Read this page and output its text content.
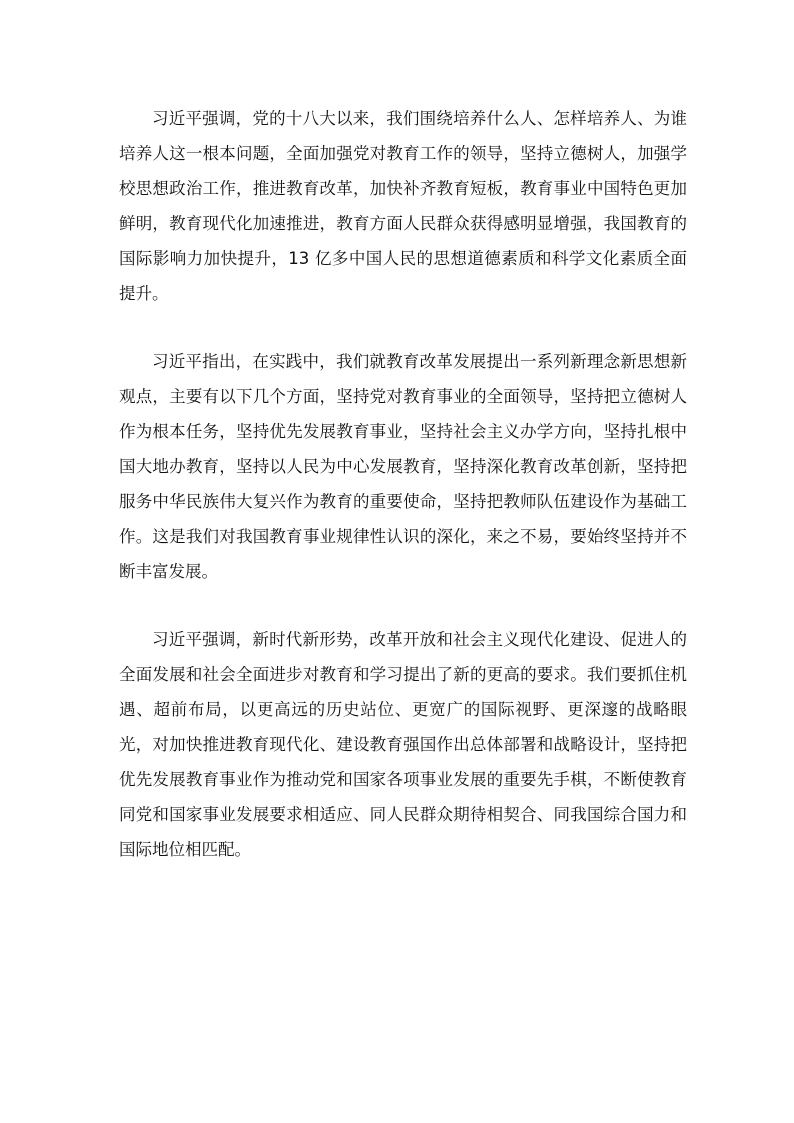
习近平强调，党的十八大以来，我们围绕培养什么人、怎样培养人、为谁培养人这一根本问题，全面加强党对教育工作的领导，坚持立德树人，加强学校思想政治工作，推进教育改革，加快补齐教育短板，教育事业中国特色更加鲜明，教育现代化加速推进，教育方面人民群众获得感明显增强，我国教育的国际影响力加快提升，13 亿多中国人民的思想道德素质和科学文化素质全面提升。

习近平指出，在实践中，我们就教育改革发展提出一系列新理念新思想新观点，主要有以下几个方面，坚持党对教育事业的全面领导，坚持把立德树人作为根本任务，坚持优先发展教育事业，坚持社会主义办学方向，坚持扎根中国大地办教育，坚持以人民为中心发展教育，坚持深化教育改革创新，坚持把服务中华民族伟大复兴作为教育的重要使命，坚持把教师队伍建设作为基础工作。这是我们对我国教育事业规律性认识的深化，来之不易，要始终坚持并不断丰富发展。

习近平强调，新时代新形势，改革开放和社会主义现代化建设、促进人的全面发展和社会全面进步对教育和学习提出了新的更高的要求。我们要抓住机遇、超前布局，以更高远的历史站位、更宽广的国际视野、更深邃的战略眼光，对加快推进教育现代化、建设教育强国作出总体部署和战略设计，坚持把优先发展教育事业作为推动党和国家各项事业发展的重要先手棋，不断使教育同党和国家事业发展要求相适应、同人民群众期待相契合、同我国综合国力和国际地位相匹配。
